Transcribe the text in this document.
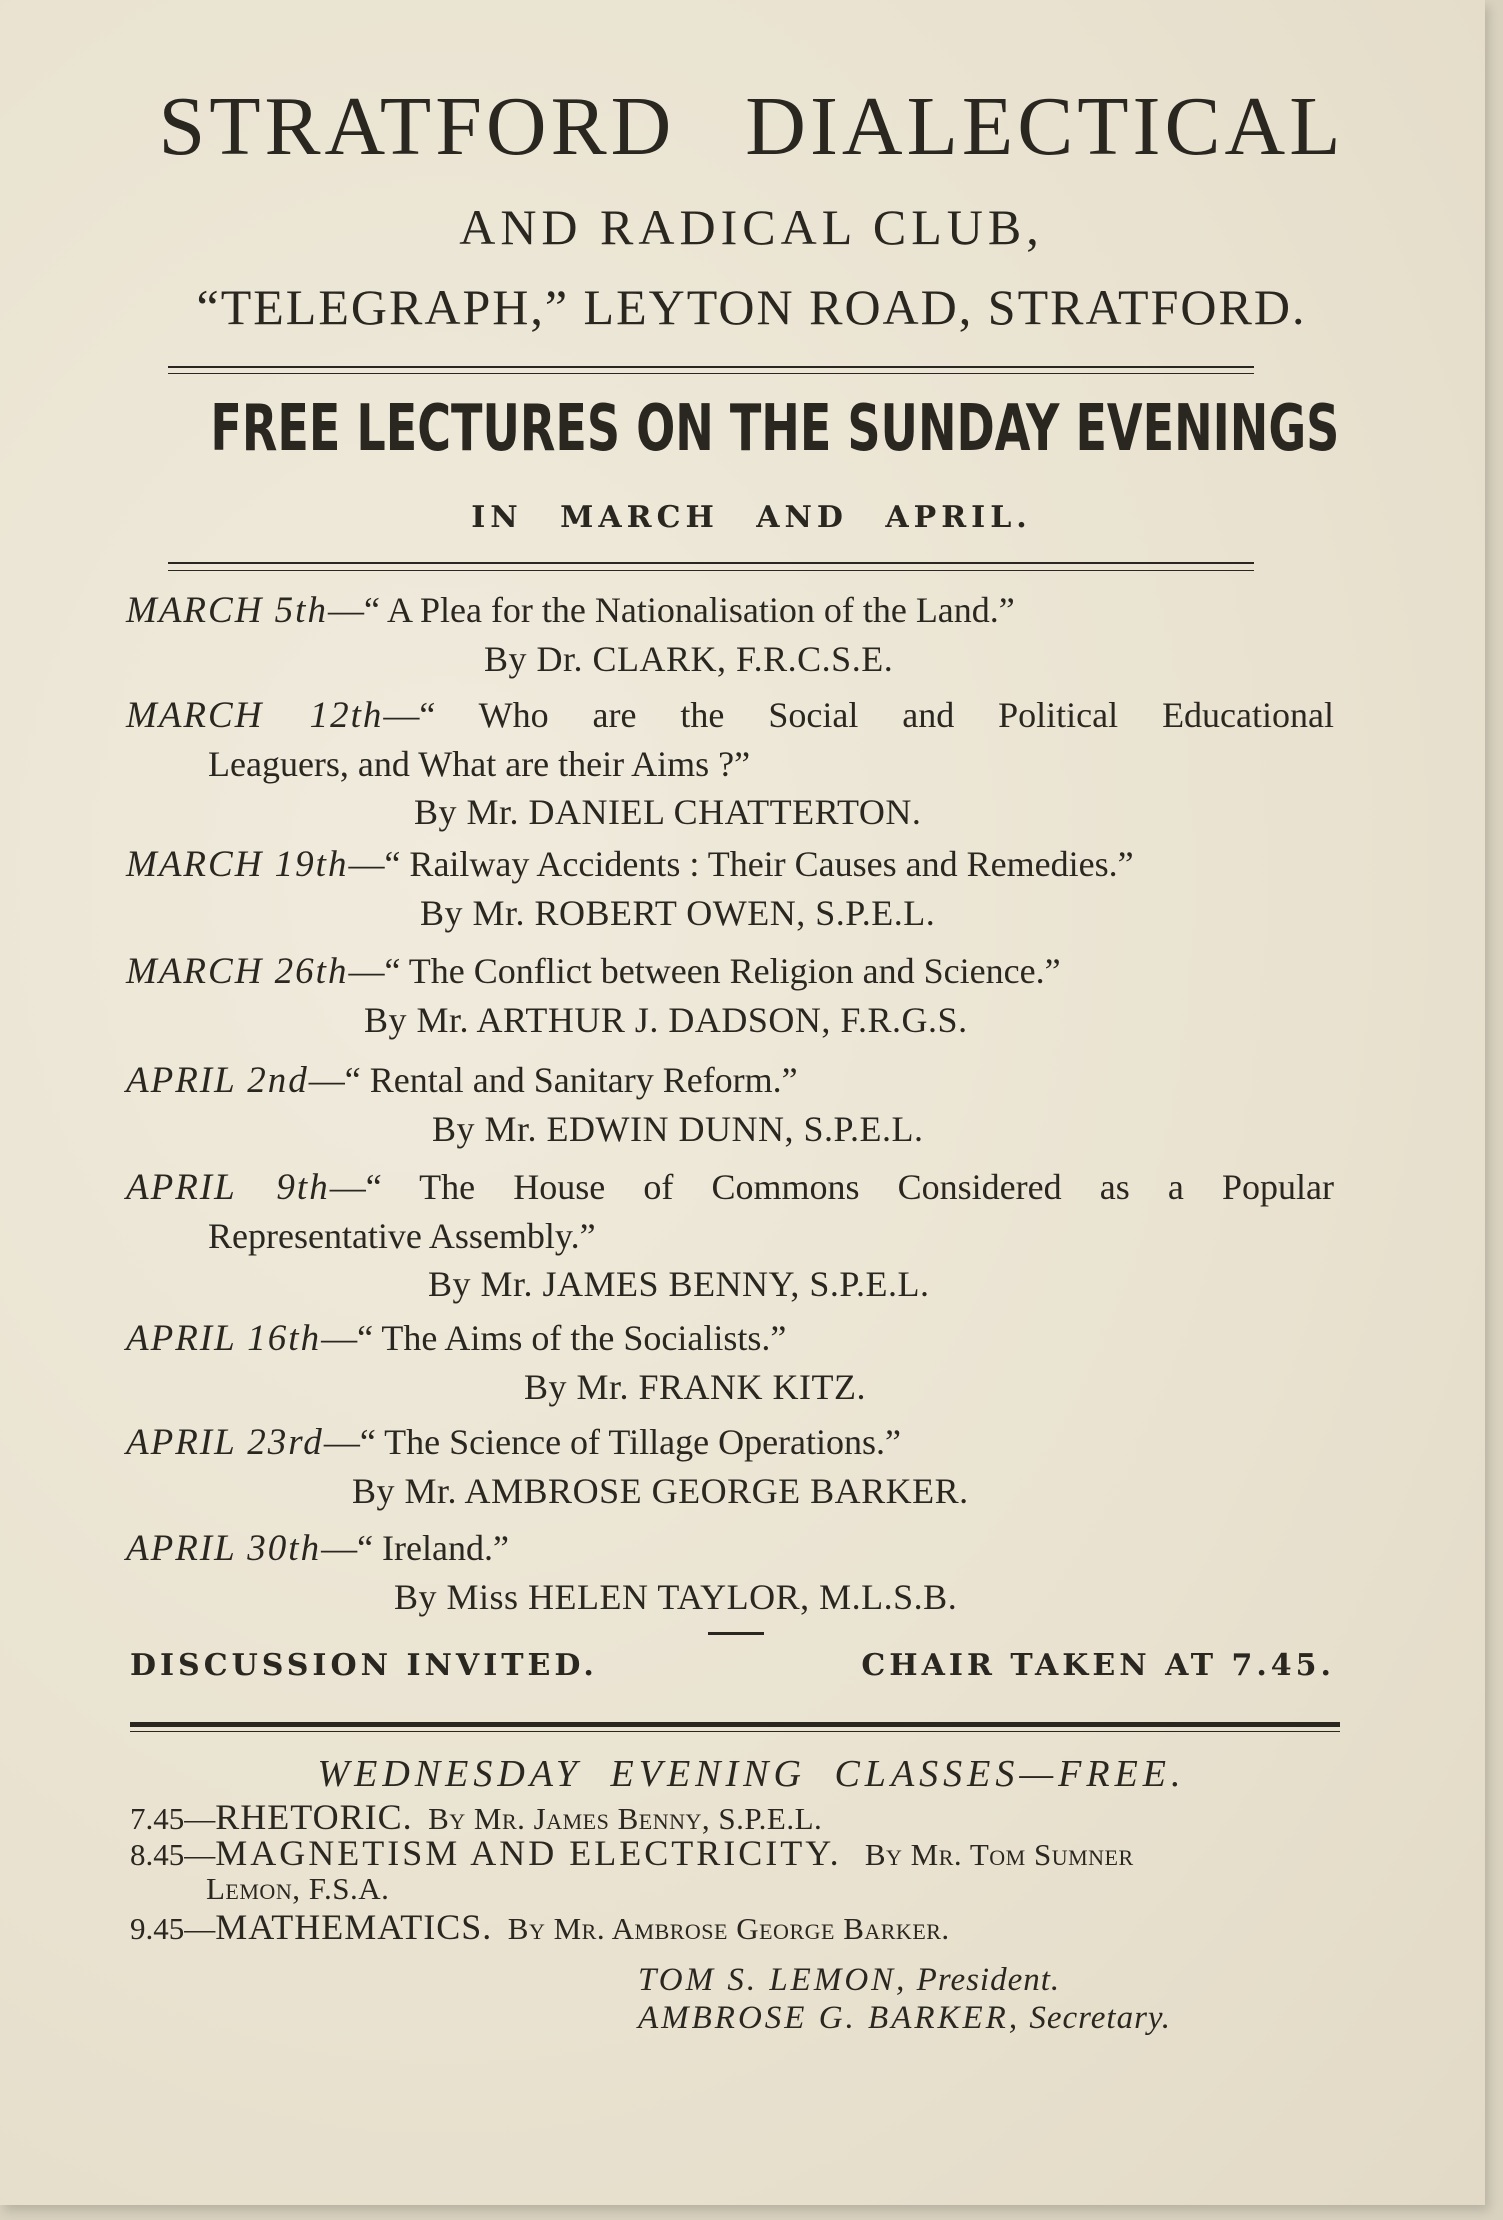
STRATFORD DIALECTICAL
AND RADICAL CLUB,
“TELEGRAPH,” LEYTON ROAD, STRATFORD.
FREE LECTURES ON THE SUNDAY EVENINGS
IN MARCH AND APRIL.
MARCH 5th—“ A Plea for the Nationalisation of the Land.”
By Dr. CLARK, F.R.C.S.E.
MARCH 12th—“ Who are the Social and Political Educational
Leaguers, and What are their Aims ?”
By Mr. DANIEL CHATTERTON.
MARCH 19th—“ Railway Accidents : Their Causes and Remedies.”
By Mr. ROBERT OWEN, S.P.E.L.
MARCH 26th—“ The Conflict between Religion and Science.”
By Mr. ARTHUR J. DADSON, F.R.G.S.
APRIL 2nd—“ Rental and Sanitary Reform.”
By Mr. EDWIN DUNN, S.P.E.L.
APRIL 9th—“ The House of Commons Considered as a Popular
Representative Assembly.”
By Mr. JAMES BENNY, S.P.E.L.
APRIL 16th—“ The Aims of the Socialists.”
By Mr. FRANK KITZ.
APRIL 23rd—“ The Science of Tillage Operations.”
By Mr. AMBROSE GEORGE BARKER.
APRIL 30th—“ Ireland.”
By Miss HELEN TAYLOR, M.L.S.B.
DISCUSSION INVITED.	CHAIR TAKEN AT 7.45.
WEDNESDAY EVENING CLASSES—FREE.
7.45—RHETORIC. By Mr. James Benny, S.P.E.L.
8.45—MAGNETISM AND ELECTRICITY. By Mr. Tom Sumner
Lemon, F.S.A.
9.45—MATHEMATICS. By Mr. Ambrose George Barker.
TOM S. LEMON, President.
AMBROSE G. BARKER, Secretary.
